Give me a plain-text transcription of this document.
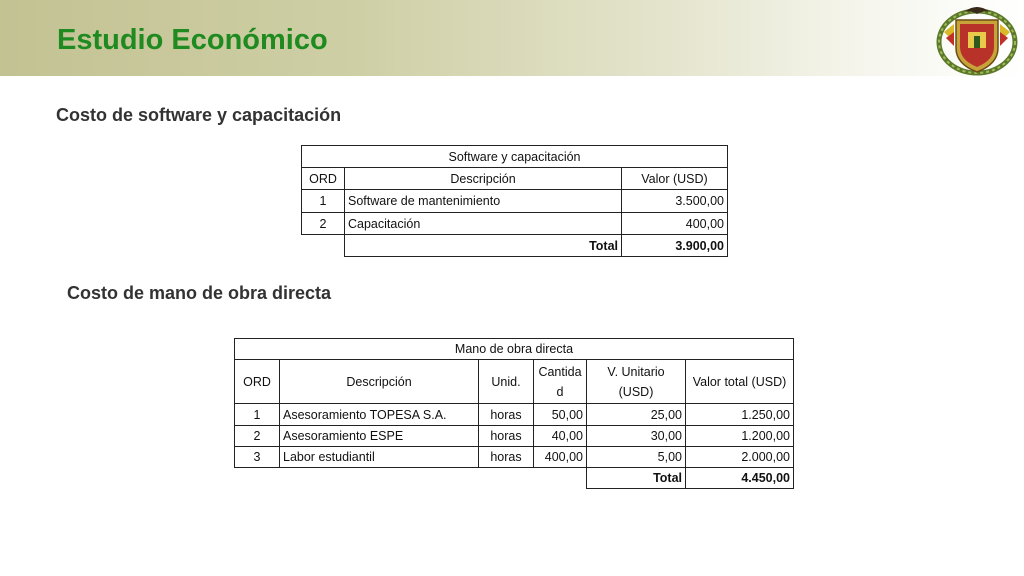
Estudio Económico
Costo de software y capacitación
Software y capacitación		
ORD	Descripción	Valor (USD)
1	Software de mantenimiento	3.500,00
2	Capacitación	400,00
	Total	3.900,00
Costo de mano de obra directa
Mano de obra directa					
ORD	Descripción	Unid.	Cantida d	V. Unitario (USD)	Valor total (USD)
1	Asesoramiento TOPESA S.A.	horas	50,00	25,00	1.250,00
2	Asesoramiento ESPE	horas	40,00	30,00	1.200,00
3	Labor estudiantil	horas	400,00	5,00	2.000,00
				Total	4.450,00
